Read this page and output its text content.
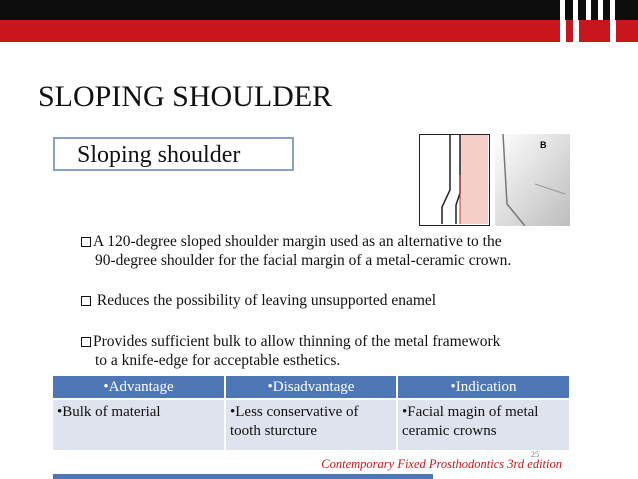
SLOPING SHOULDER
Sloping shoulder	B
A 120-degree sloped shoulder margin used as an alternative to the
90-degree shoulder for the facial margin of a metal-ceramic crown.
Reduces the possibility of leaving unsupported enamel
Provides sufficient bulk to allow thinning of the metal framework
to a knife-edge for acceptable esthetics.
•Advantage	•Disadvantage	•Indication
•Bulk of material	•Less conservative of tooth sturcture	•Facial magin of metal ceramic crowns
25
Contemporary Fixed Prosthodontics 3rd edition
